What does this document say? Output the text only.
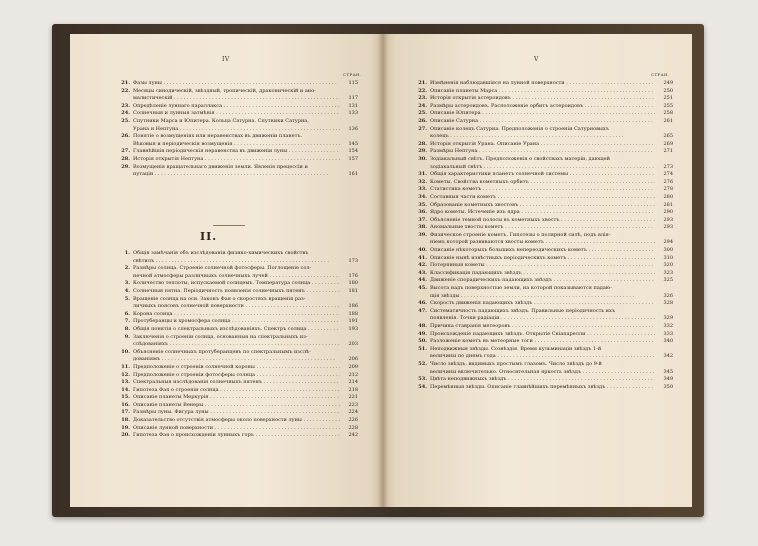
IV	V
СТРАН.	СТРАН.
21. Фазы луны . . .	115
22. Месяцы синодическій, звѣздный, тропическій, драконическій и ано-
малистическій . . .	117
23. Опредѣленіе луннаго параллакса . . .	131
24. Солнечныя и лунныя затмѣнія . . .	133
25. Спутники Марса и Юпитера. Кольца Сатурна. Спутники Сатурна,
Урана и Нептуна . . .	136
26. Понятіе о возмущеніях или неравенствах въ движеніи планетъ.
Вѣковыя и періодическія возмущенія . . .	145
27. Главнѣйшія періодическія неравенства въ движеніи луны . . .	154
28. Исторія открытія Нептуна . . .	157
29. Возмущенія вращательнаго движенія земли. Явленія прецессіи и
нутаціи . . .	161
II.
1. Общія замѣчанія объ изслѣдованіи физико-химическихъ свойствъ
свѣтилъ . . .	173
2. Размѣры солнца. Строеніе солнечной фотосферы. Поглощеніе сол-
нечной атмосферы различныхъ солнечныхъ лучей . . .	176
3. Количество теплоты, испускаемой солнцемъ. Температура солнца . . .	180
4. Солнечныя пятна. Періодичность появленія солнечныхъ пятенъ . . .	181
5. Вращеніе солнца на оси. Законъ Фая о скоростяхъ вращенія раз-
личныхъ поясовъ солнечной поверхности . . .	186
6. Корона солнца . . .	188
7. Протуберанцы и хромосфера солнца . . .	191
8. Общія понятія о спектральныхъ изслѣдованіяхъ. Спектръ солнца . . .	193
9. Заключенія о строеніи солнца, основанныя на спектральныхъ из-
слѣдованіяхъ . . .	203
10. Объясненіе солнечныхъ протуберанцевъ по спектральнымъ изслѣ-
дованіямъ . . .	206
11. Предположеніе о строеніи солнечной короны . . .	209
12. Предположеніе о строеніи фотосферы солнца . . .	212
13. Спектральныя изслѣдованія солнечныхъ пятенъ . . .	214
14. Гипотеза Фая о строеніи солнца . . .	218
15. Описаніе планеты Меркурія . . .	221
16. Описаніе планеты Венеры . . .	223
17. Размѣры луны. Фигура луны . . .	224
18. Доказательство отсутствія атмосферы около поверхности луны . . .	226
19. Описаніе лунной поверхности . . .	228
20. Гипотеза Фая о происхожденіи лунныхъ горъ . . .	242
21. Измѣненія наблюдавшіяся на лунной поверхности . . .	249
22. Описаніе планеты Марса . . .	250
23. Исторія открытія астероидовъ . . .	251
24. Размѣры астероидовъ. Расположеніе орбитъ астероидовъ . . .	255
25. Описаніе Юпитера . . .	258
26. Описаніе Сатурна . . .	261
27. Описаніе колецъ Сатурна. Предположенія о строеніи Сатурновыхъ
колецъ . . .	265
28. Исторія открытія Урана. Описаніе Урана . . .	269
29. Размѣры Нептуна . . .	271
30. Зодіакальный свѣтъ. Предположенія о свойствахъ матеріи, дающей
зодіакальный свѣтъ . . .	273
31. Общія характеристики планетъ солнечной системы . . .	274
32. Кометы. Свойства кометныхъ орбитъ . . .	276
33. Статистика кометъ . . .	278
34. Составныя части кометъ . . .	280
35. Образованіе кометныхъ хвостовъ . . .	281
36. Ядро кометы. Истеченіе изъ ядра . . .	290
37. Объясненіе темной полосы въ кометныхъ хвостъ . . .	293
38. Аномальные хвосты кометъ . . .	293
39. Физическое строеніе кометъ. Гипотезы о полярной силѣ, подъ влія-
ніемъ которой развиваются хвосты кометъ . . .	294
40. Описаніе нѣкоторыхъ большихъ непереодическихъ кометъ . . .	300
41. Описаніе нынѣ извѣстныхъ періодическихъ кометъ . . .	310
42. Потерянныя кометы . . .	320
43. Классификація падающихъ звѣздъ . . .	323
44. Движеніе спорадическихъ падающихъ звѣздъ . . .	325
45. Высота надъ поверхностью земли, на которой показываются падаю-
щія звѣзды . . .	326
46. Скорость движенія падающихъ звѣздъ . . .	328
47. Систематичность падающихъ звѣздъ. Правильные періодичность ихъ
появленія. Точки радіаціи . . .	329
48. Причина ставранія метеоровъ . . .	332
49. Происхожденіе падающихъ звѣздъ. Открытіе Скіапарелли . . .	333
50. Разложеніе кометъ въ метеорные тоги . . .	340
51. Неподвижныя звѣзды. Созвѣздія. Время кульминаціи звѣздъ 1-й
величины по днямъ года . . .	342
52. Число звѣздъ, видимыхъ простымъ глазомъ. Число звѣздъ до 9-й
величины включительно. Относительная яркость звѣздъ . . .	345
53. Цвѣта неподвижныхъ звѣздъ . . .	349
54. Перемѣнныя звѣзды. Описаніе главнѣйшихъ перемѣнныхъ звѣздъ . . .	350
